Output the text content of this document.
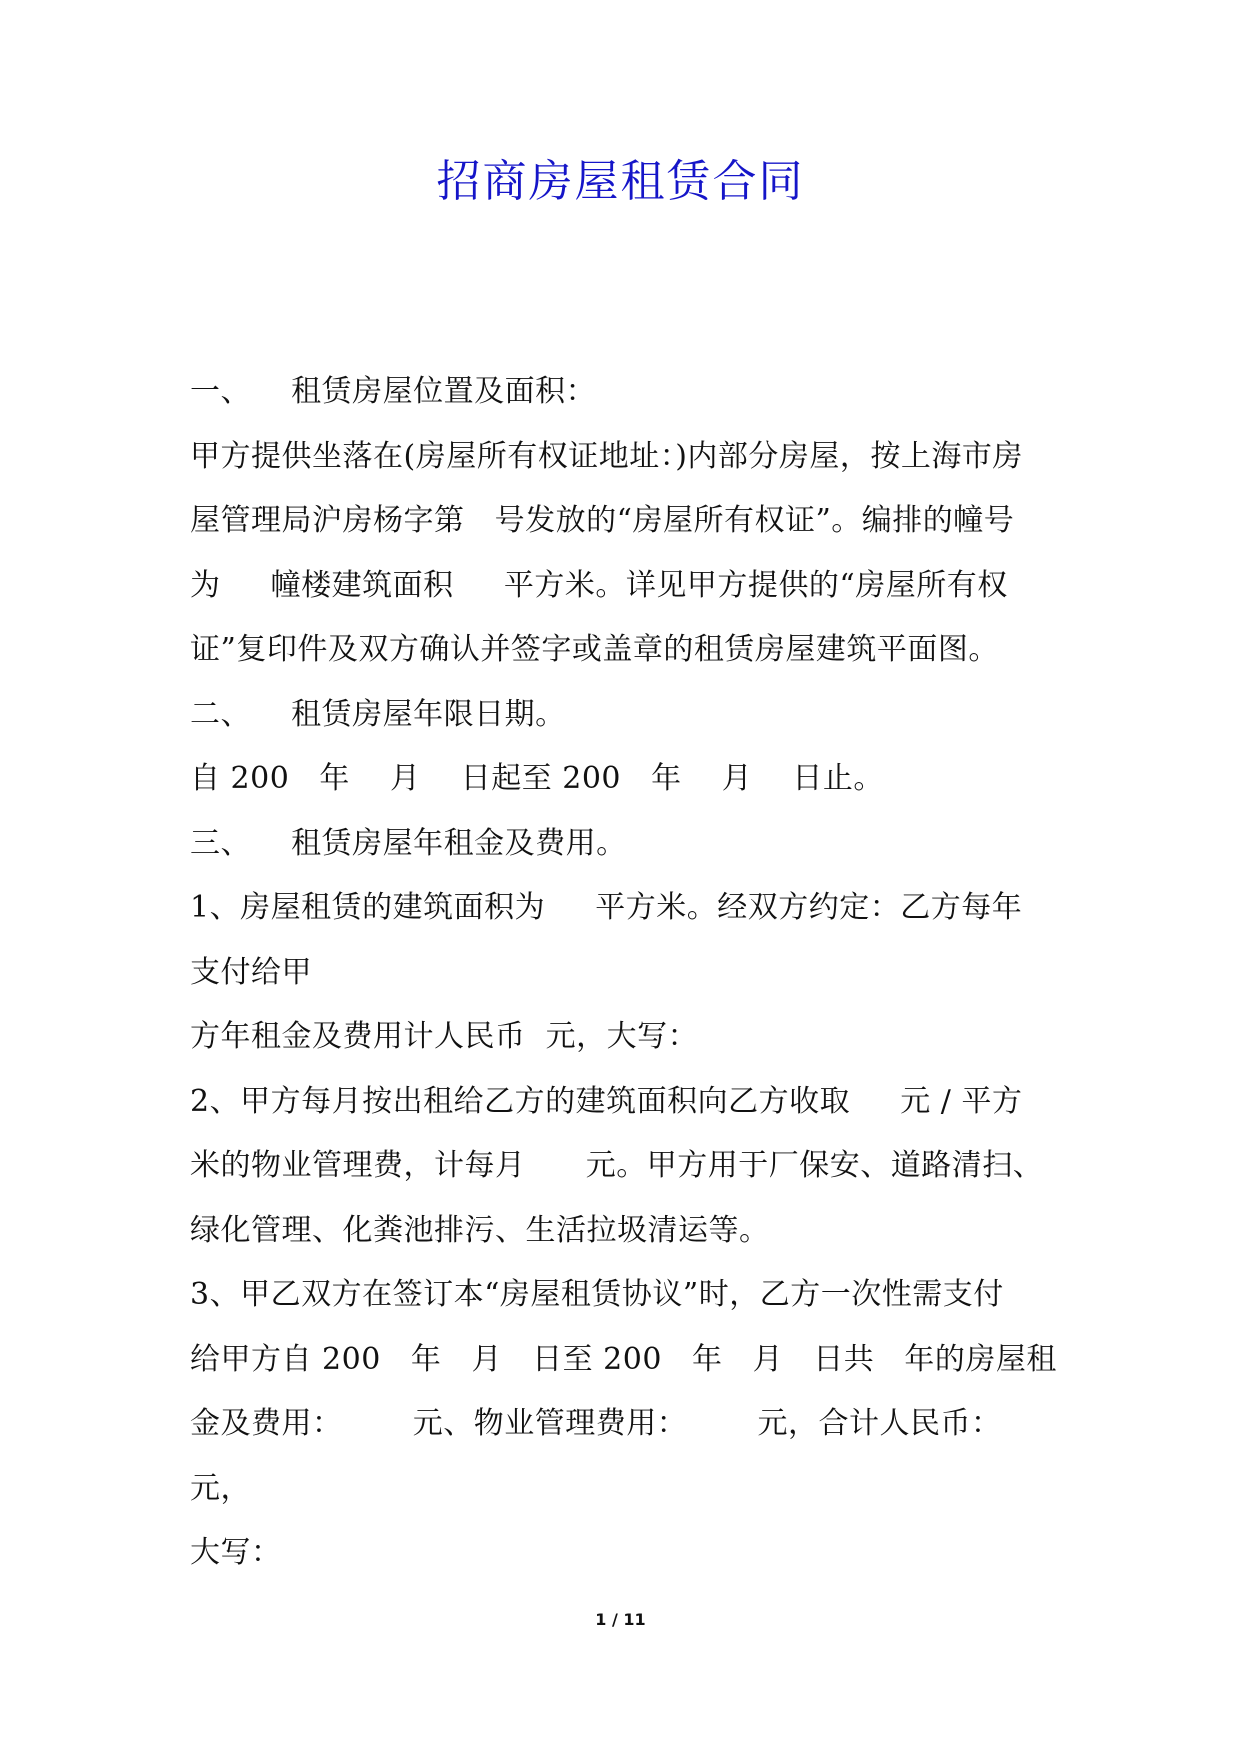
招商房屋租赁合同
一、    租赁房屋位置及面积：
甲方提供坐落在(房屋所有权证地址：)内部分房屋，按上海市房
屋管理局沪房杨字第   号发放的“房屋所有权证”。编排的幢号
为     幢楼建筑面积     平方米。详见甲方提供的“房屋所有权
证”复印件及双方确认并签字或盖章的租赁房屋建筑平面图。
二、    租赁房屋年限日期。
自 200   年    月    日起至 200   年    月    日止。
三、    租赁房屋年租金及费用。
1、房屋租赁的建筑面积为     平方米。经双方约定：乙方每年
支付给甲
方年租金及费用计人民币  元，大写：
2、甲方每月按出租给乙方的建筑面积向乙方收取     元 / 平方
米的物业管理费，计每月      元。甲方用于厂保安、道路清扫、
绿化管理、化粪池排污、生活拉圾清运等。
3、甲乙双方在签订本“房屋租赁协议”时，乙方一次性需支付
给甲方自 200   年   月   日至 200   年   月   日共   年的房屋租
金及费用：       元、物业管理费用：       元，合计人民币：
元，
大写：
1 / 11
